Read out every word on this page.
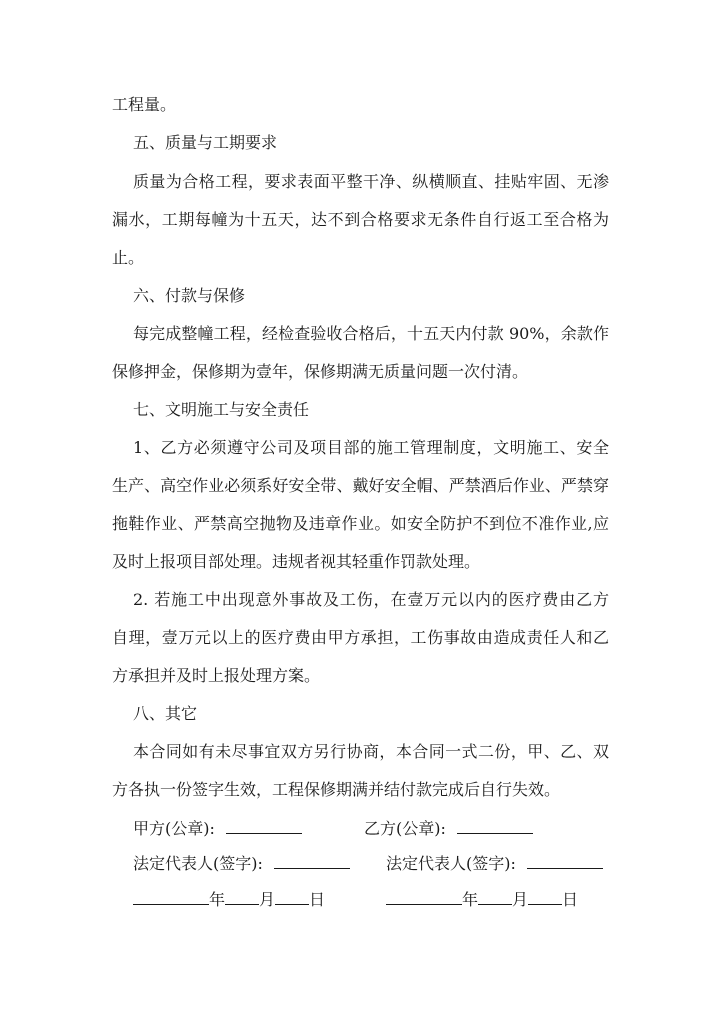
工程量。
五、质量与工期要求
质量为合格工程，要求表面平整干净、纵横顺直、挂贴牢固、无渗
漏水，工期每幢为十五天，达不到合格要求无条件自行返工至合格为
止。
六、付款与保修
每完成整幢工程，经检查验收合格后，十五天内付款 90%，余款作
保修押金，保修期为壹年，保修期满无质量问题一次付清。
七、文明施工与安全责任
1、乙方必须遵守公司及项目部的施工管理制度，文明施工、安全
生产、高空作业必须系好安全带、戴好安全帽、严禁酒后作业、严禁穿
拖鞋作业、严禁高空抛物及违章作业。如安全防护不到位不准作业,应
及时上报项目部处理。违规者视其轻重作罚款处理。
2. 若施工中出现意外事故及工伤，在壹万元以内的医疗费由乙方
自理，壹万元以上的医疗费由甲方承担，工伤事故由造成责任人和乙
方承担并及时上报处理方案。
八、其它
本合同如有未尽事宜双方另行协商，本合同一式二份，甲、乙、双
方各执一份签字生效，工程保修期满并结付款完成后自行失效。
甲方(公章):	乙方(公章):
法定代表人(签字):	法定代表人(签字):
年 月 日	年 月 日
